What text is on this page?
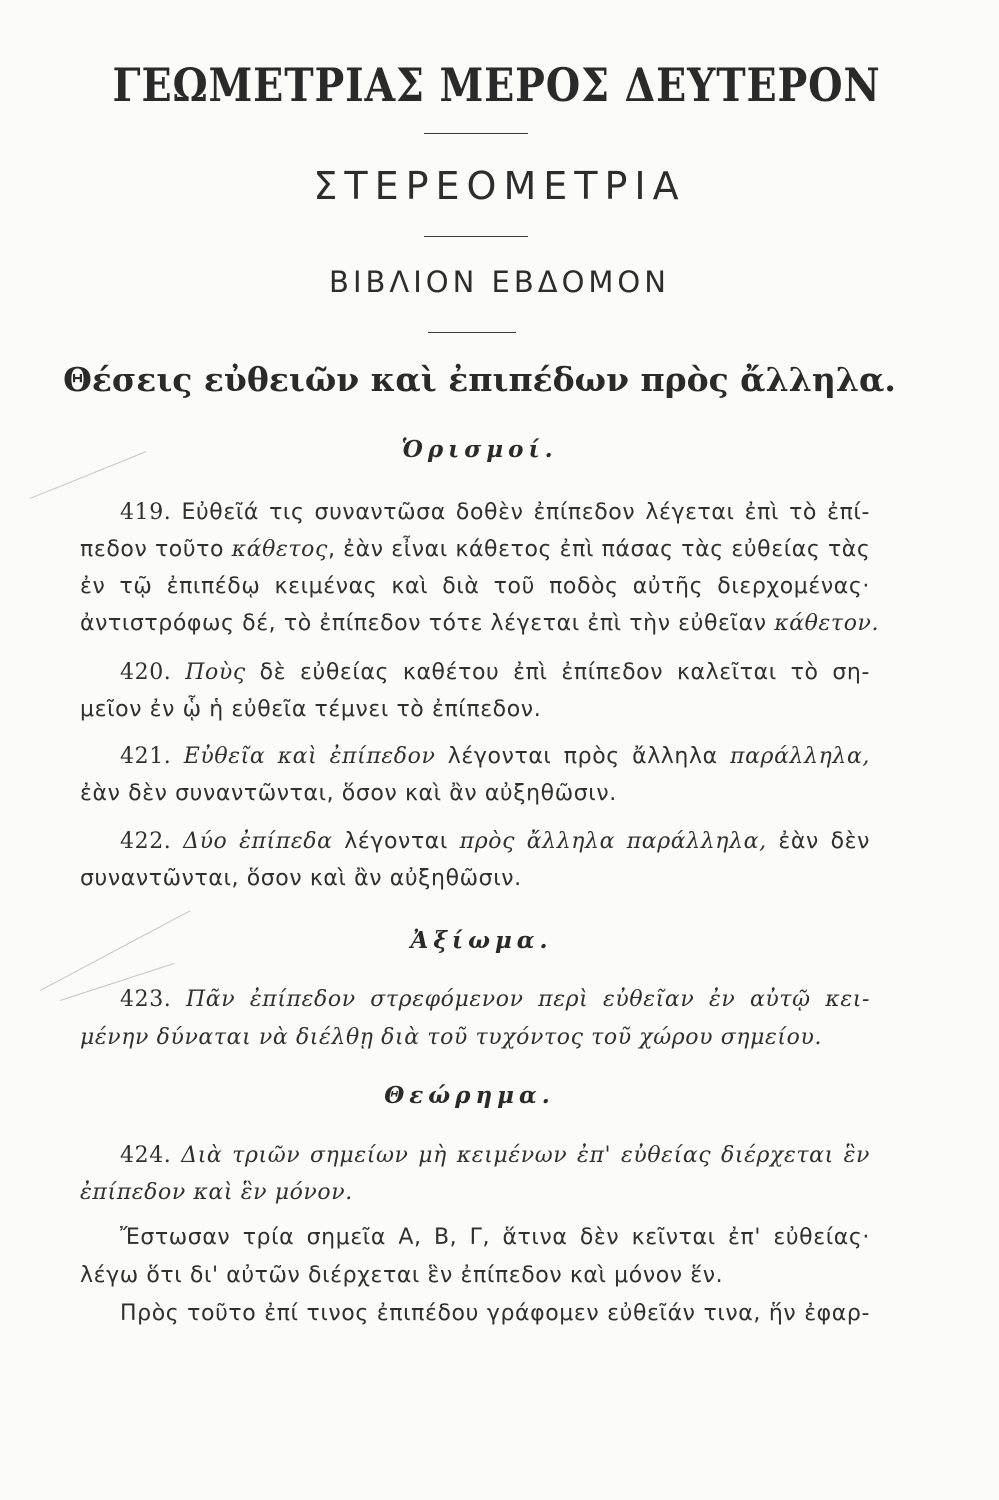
ΓΕΩΜΕΤΡΙΑΣ ΜΕΡΟΣ ΔΕΥΤΕΡΟΝ
ΣΤΕΡΕΟΜΕΤΡΙΑ
ΒΙΒΛΙΟΝ ΕΒΔΟΜΟΝ
Θέσεις εὐθειῶν καὶ ἐπιπέδων πρὸς ἄλληλα.
Ὁρισμοί.
419. Εὐθεῖά τις συναντῶσα δοθὲν ἐπίπεδον λέγεται ἐπὶ τὸ ἐπί-
πεδον τοῦτο κάθετος, ἐὰν εἶναι κάθετος ἐπὶ πάσας τὰς εὐθείας τὰς
ἐν τῷ ἐπιπέδῳ κειμένας καὶ διὰ τοῦ ποδὸς αὐτῆς διερχομένας·
ἀντιστρόφως δέ, τὸ ἐπίπεδον τότε λέγεται ἐπὶ τὴν εὐθεῖαν κάθετον.
420. Ποὺς δὲ εὐθείας καθέτου ἐπὶ ἐπίπεδον καλεῖται τὸ ση-
μεῖον ἐν ᾧ ἡ εὐθεῖα τέμνει τὸ ἐπίπεδον.
421. Εὐθεῖα καὶ ἐπίπεδον λέγονται πρὸς ἄλληλα παράλληλα,
ἐὰν δὲν συναντῶνται, ὅσον καὶ ἂν αὐξηθῶσιν.
422. Δύο ἐπίπεδα λέγονται πρὸς ἄλληλα παράλληλα, ἐὰν δὲν
συναντῶνται, ὅσον καὶ ἂν αὐξηθῶσιν.
Ἀξίωμα.
423. Πᾶν ἐπίπεδον στρεφόμενον περὶ εὐθεῖαν ἐν αὐτῷ κει-
μένην δύναται νὰ διέλθῃ διὰ τοῦ τυχόντος τοῦ χώρου σημείου.
Θεώρημα.
424. Διὰ τριῶν σημείων μὴ κειμένων ἐπ' εὐθείας διέρχεται ἓν
ἐπίπεδον καὶ ἓν μόνον.
Ἔστωσαν τρία σημεῖα Α, Β, Γ, ἅτινα δὲν κεῖνται ἐπ' εὐθείας·
λέγω ὅτι δι' αὐτῶν διέρχεται ἓν ἐπίπεδον καὶ μόνον ἕν.
Πρὸς τοῦτο ἐπί τινος ἐπιπέδου γράφομεν εὐθεῖάν τινα, ἥν ἐφαρ-
